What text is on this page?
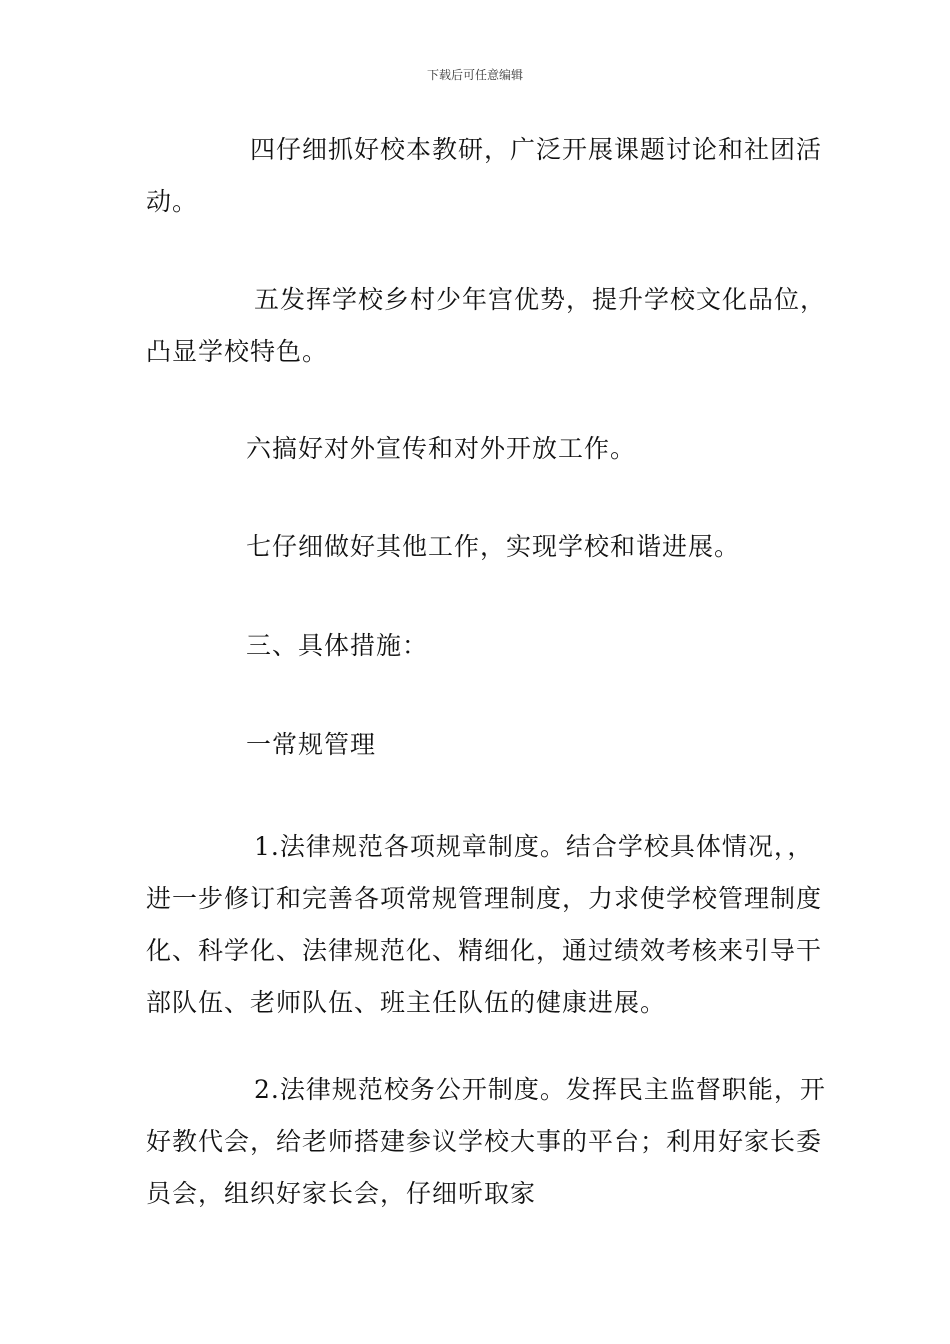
下载后可任意编辑

四仔细抓好校本教研，广泛开展课题讨论和社团活动。

五发挥学校乡村少年宫优势，提升学校文化品位，凸显学校特色。

六搞好对外宣传和对外开放工作。

七仔细做好其他工作，实现学校和谐进展。

三、具体措施：

一常规管理

1.法律规范各项规章制度。结合学校具体情况，，进一步修订和完善各项常规管理制度，力求使学校管理制度化、科学化、法律规范化、精细化，通过绩效考核来引导干部队伍、老师队伍、班主任队伍的健康进展。

2.法律规范校务公开制度。发挥民主监督职能，开好教代会，给老师搭建参议学校大事的平台；利用好家长委员会，组织好家长会，仔细听取家
